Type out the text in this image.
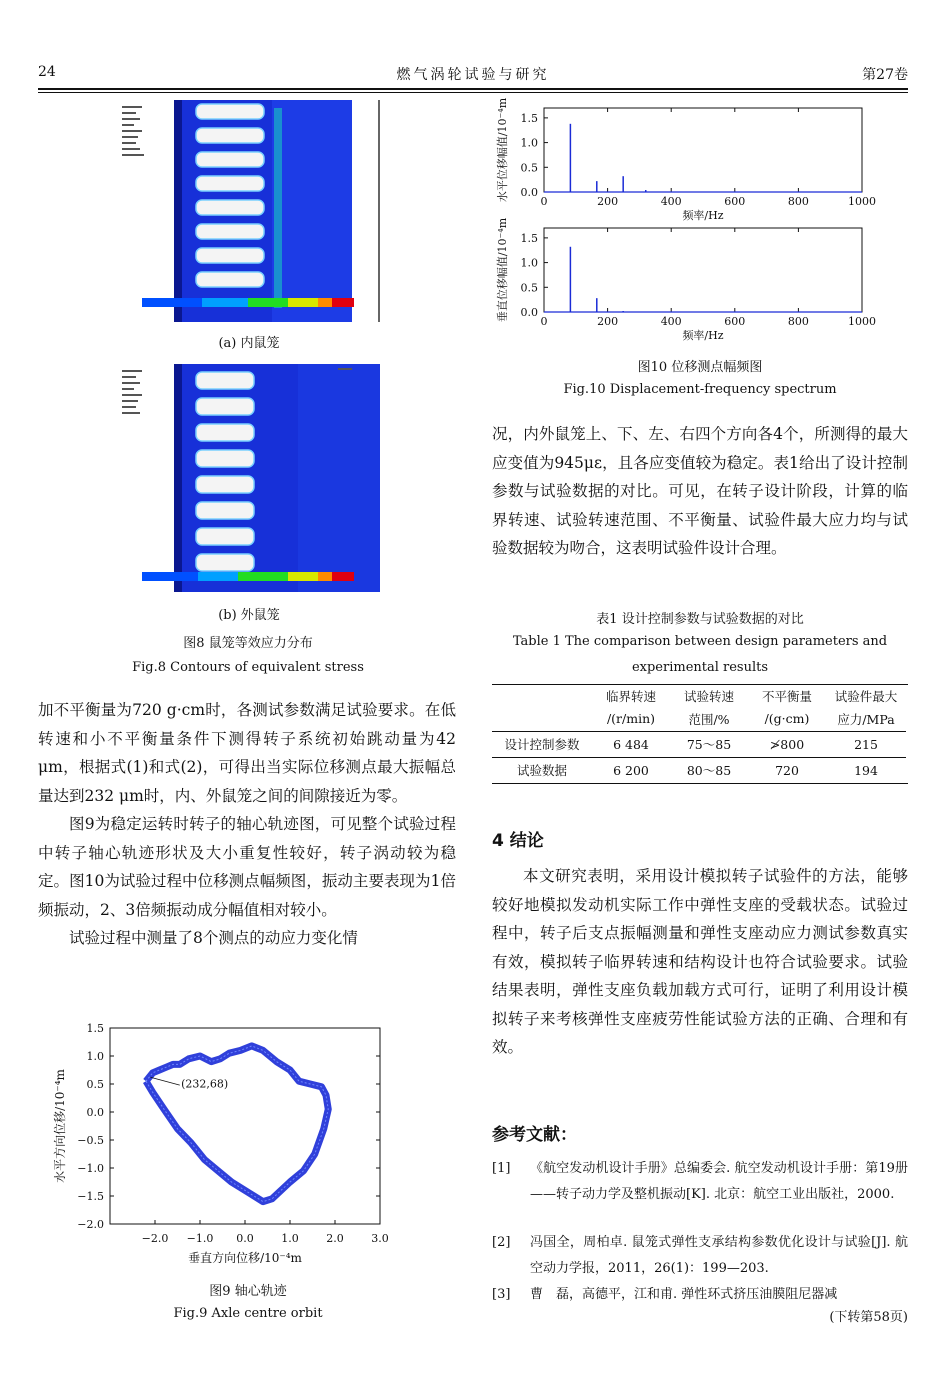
24	燃气涡轮试验与研究	第27卷
(a) 内鼠笼
(b) 外鼠笼
图8 鼠笼等效应力分布
Fig.8 Contours of equivalent stress

加不平衡量为720 g·cm时，各测试参数满足试验要求。在低转速和小不平衡量条件下测得转子系统初始跳动量为42 μm，根据式(1)和式(2)，可得出当实际位移测点最大振幅总量达到232 μm时，内、外鼠笼之间的间隙接近为零。

图9为稳定运转时转子的轴心轨迹图，可见整个试验过程中转子轴心轨迹形状及大小重复性较好，转子涡动较为稳定。图10为试验过程中位移测点幅频图，振动主要表现为1倍频振动，2、3倍频振动成分幅值相对较小。

试验过程中测量了8个测点的动应力变化情

1.5
1.0
0.5
0.0
−0.5
−1.0
−1.5
−2.0
−2.0 −1.0 0.0	1.0	2.0	3.0
垂直方向位移/10⁻⁴m
水平方向位移/10⁻⁴m	(232,68)
图9 轴心轨迹
Fig.9 Axle centre orbit
1.5
1.0
0.5
0.0
0	200	400	600	800	1000
频率/Hz
水平位移幅值/10⁻⁴m
1.5
1.0
0.5
0.0
0	200	400	600	800	1000
频率/Hz
垂直位移幅值/10⁻⁴m
图10 位移测点幅频图
Fig.10 Displacement-frequency spectrum

况，内外鼠笼上、下、左、右四个方向各4个，所测得的最大应变值为945με，且各应变值较为稳定。表1给出了设计控制参数与试验数据的对比。可见，在转子设计阶段，计算的临界转速、试验转速范围、不平衡量、试验件最大应力均与试验数据较为吻合，这表明试验件设计合理。

表1 设计控制参数与试验数据的对比
Table 1 The comparison between design parameters and
experimental results
	临界转速	试验转速	不平衡量	试验件最大
	/(r/min)	范围/%	/(g·cm)	应力/MPa
设计控制参数	6 484	75～85	≯800	215
试验数据	6 200	80～85	720	194
4 结论

本文研究表明，采用设计模拟转子试验件的方法，能够较好地模拟发动机实际工作中弹性支座的受载状态。试验过程中，转子后支点振幅测量和弹性支座动应力测试参数真实有效，模拟转子临界转速和结构设计也符合试验要求。试验结果表明，弹性支座负载加载方式可行，证明了利用设计模拟转子来考核弹性支座疲劳性能试验方法的正确、合理和有效。

参考文献：
[1] 《航空发动机设计手册》总编委会. 航空发动机设计手册：第19册——转子动力学及整机振动[K]. 北京：航空工业出版社，2000.
[2] 冯国全，周柏卓. 鼠笼式弹性支承结构参数优化设计与试验[J]. 航空动力学报，2011，26(1)：199—203.
[3] 曹　磊，高德平，江和甫. 弹性环式挤压油膜阻尼器减
(下转第58页)
